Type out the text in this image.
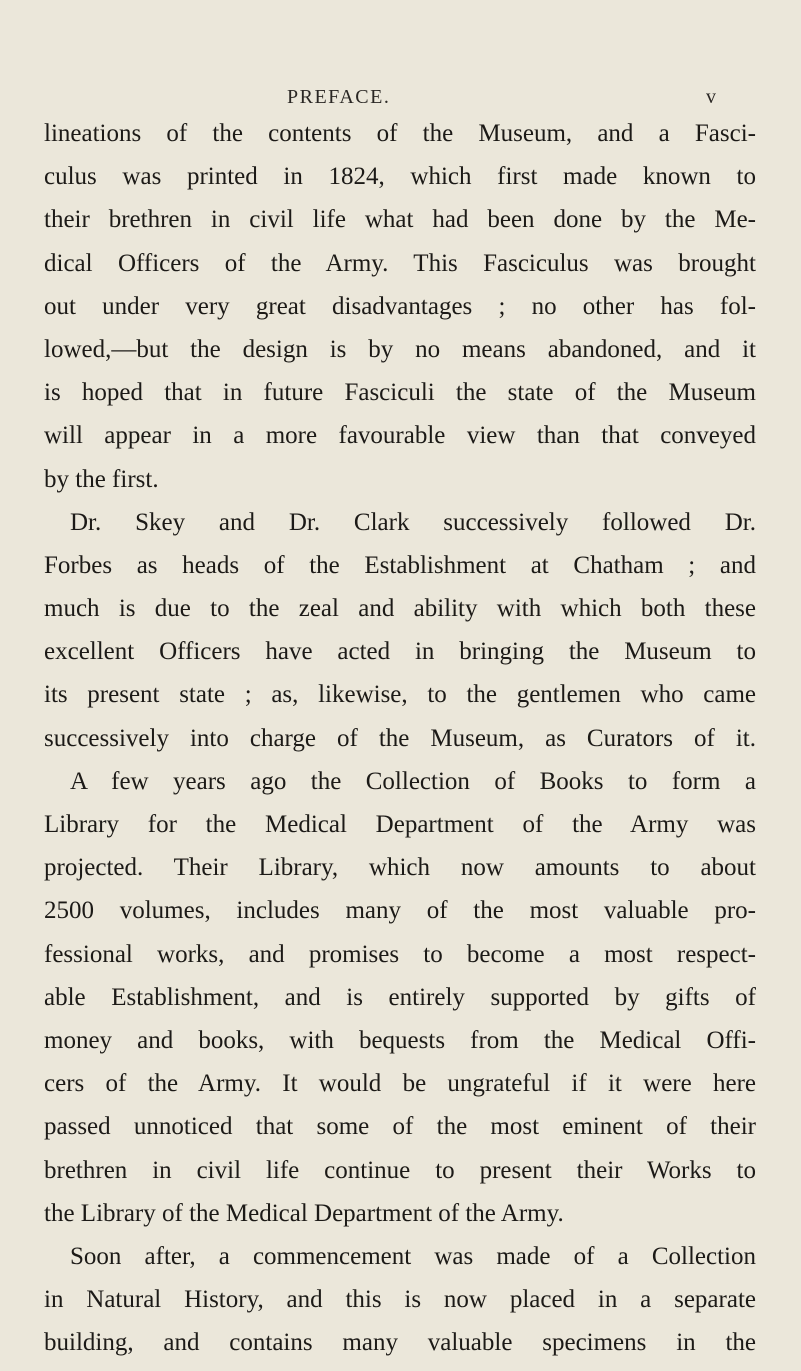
PREFACE.	v
lineations of the contents of the Museum, and a Fasci-
culus was printed in 1824, which first made known to
their brethren in civil life what had been done by the Me-
dical Officers of the Army. This Fasciculus was brought
out under very great disadvantages ; no other has fol-
lowed,—but the design is by no means abandoned, and it
is hoped that in future Fasciculi the state of the Museum
will appear in a more favourable view than that conveyed
by the first.
Dr. Skey and Dr. Clark successively followed Dr.
Forbes as heads of the Establishment at Chatham ; and
much is due to the zeal and ability with which both these
excellent Officers have acted in bringing the Museum to
its present state ; as, likewise, to the gentlemen who came
successively into charge of the Museum, as Curators of it.
A few years ago the Collection of Books to form a
Library for the Medical Department of the Army was
projected. Their Library, which now amounts to about
2500 volumes, includes many of the most valuable pro-
fessional works, and promises to become a most respect-
able Establishment, and is entirely supported by gifts of
money and books, with bequests from the Medical Offi-
cers of the Army. It would be ungrateful if it were here
passed unnoticed that some of the most eminent of their
brethren in civil life continue to present their Works to
the Library of the Medical Department of the Army.
Soon after, a commencement was made of a Collection
in Natural History, and this is now placed in a separate
building, and contains many valuable specimens in the
